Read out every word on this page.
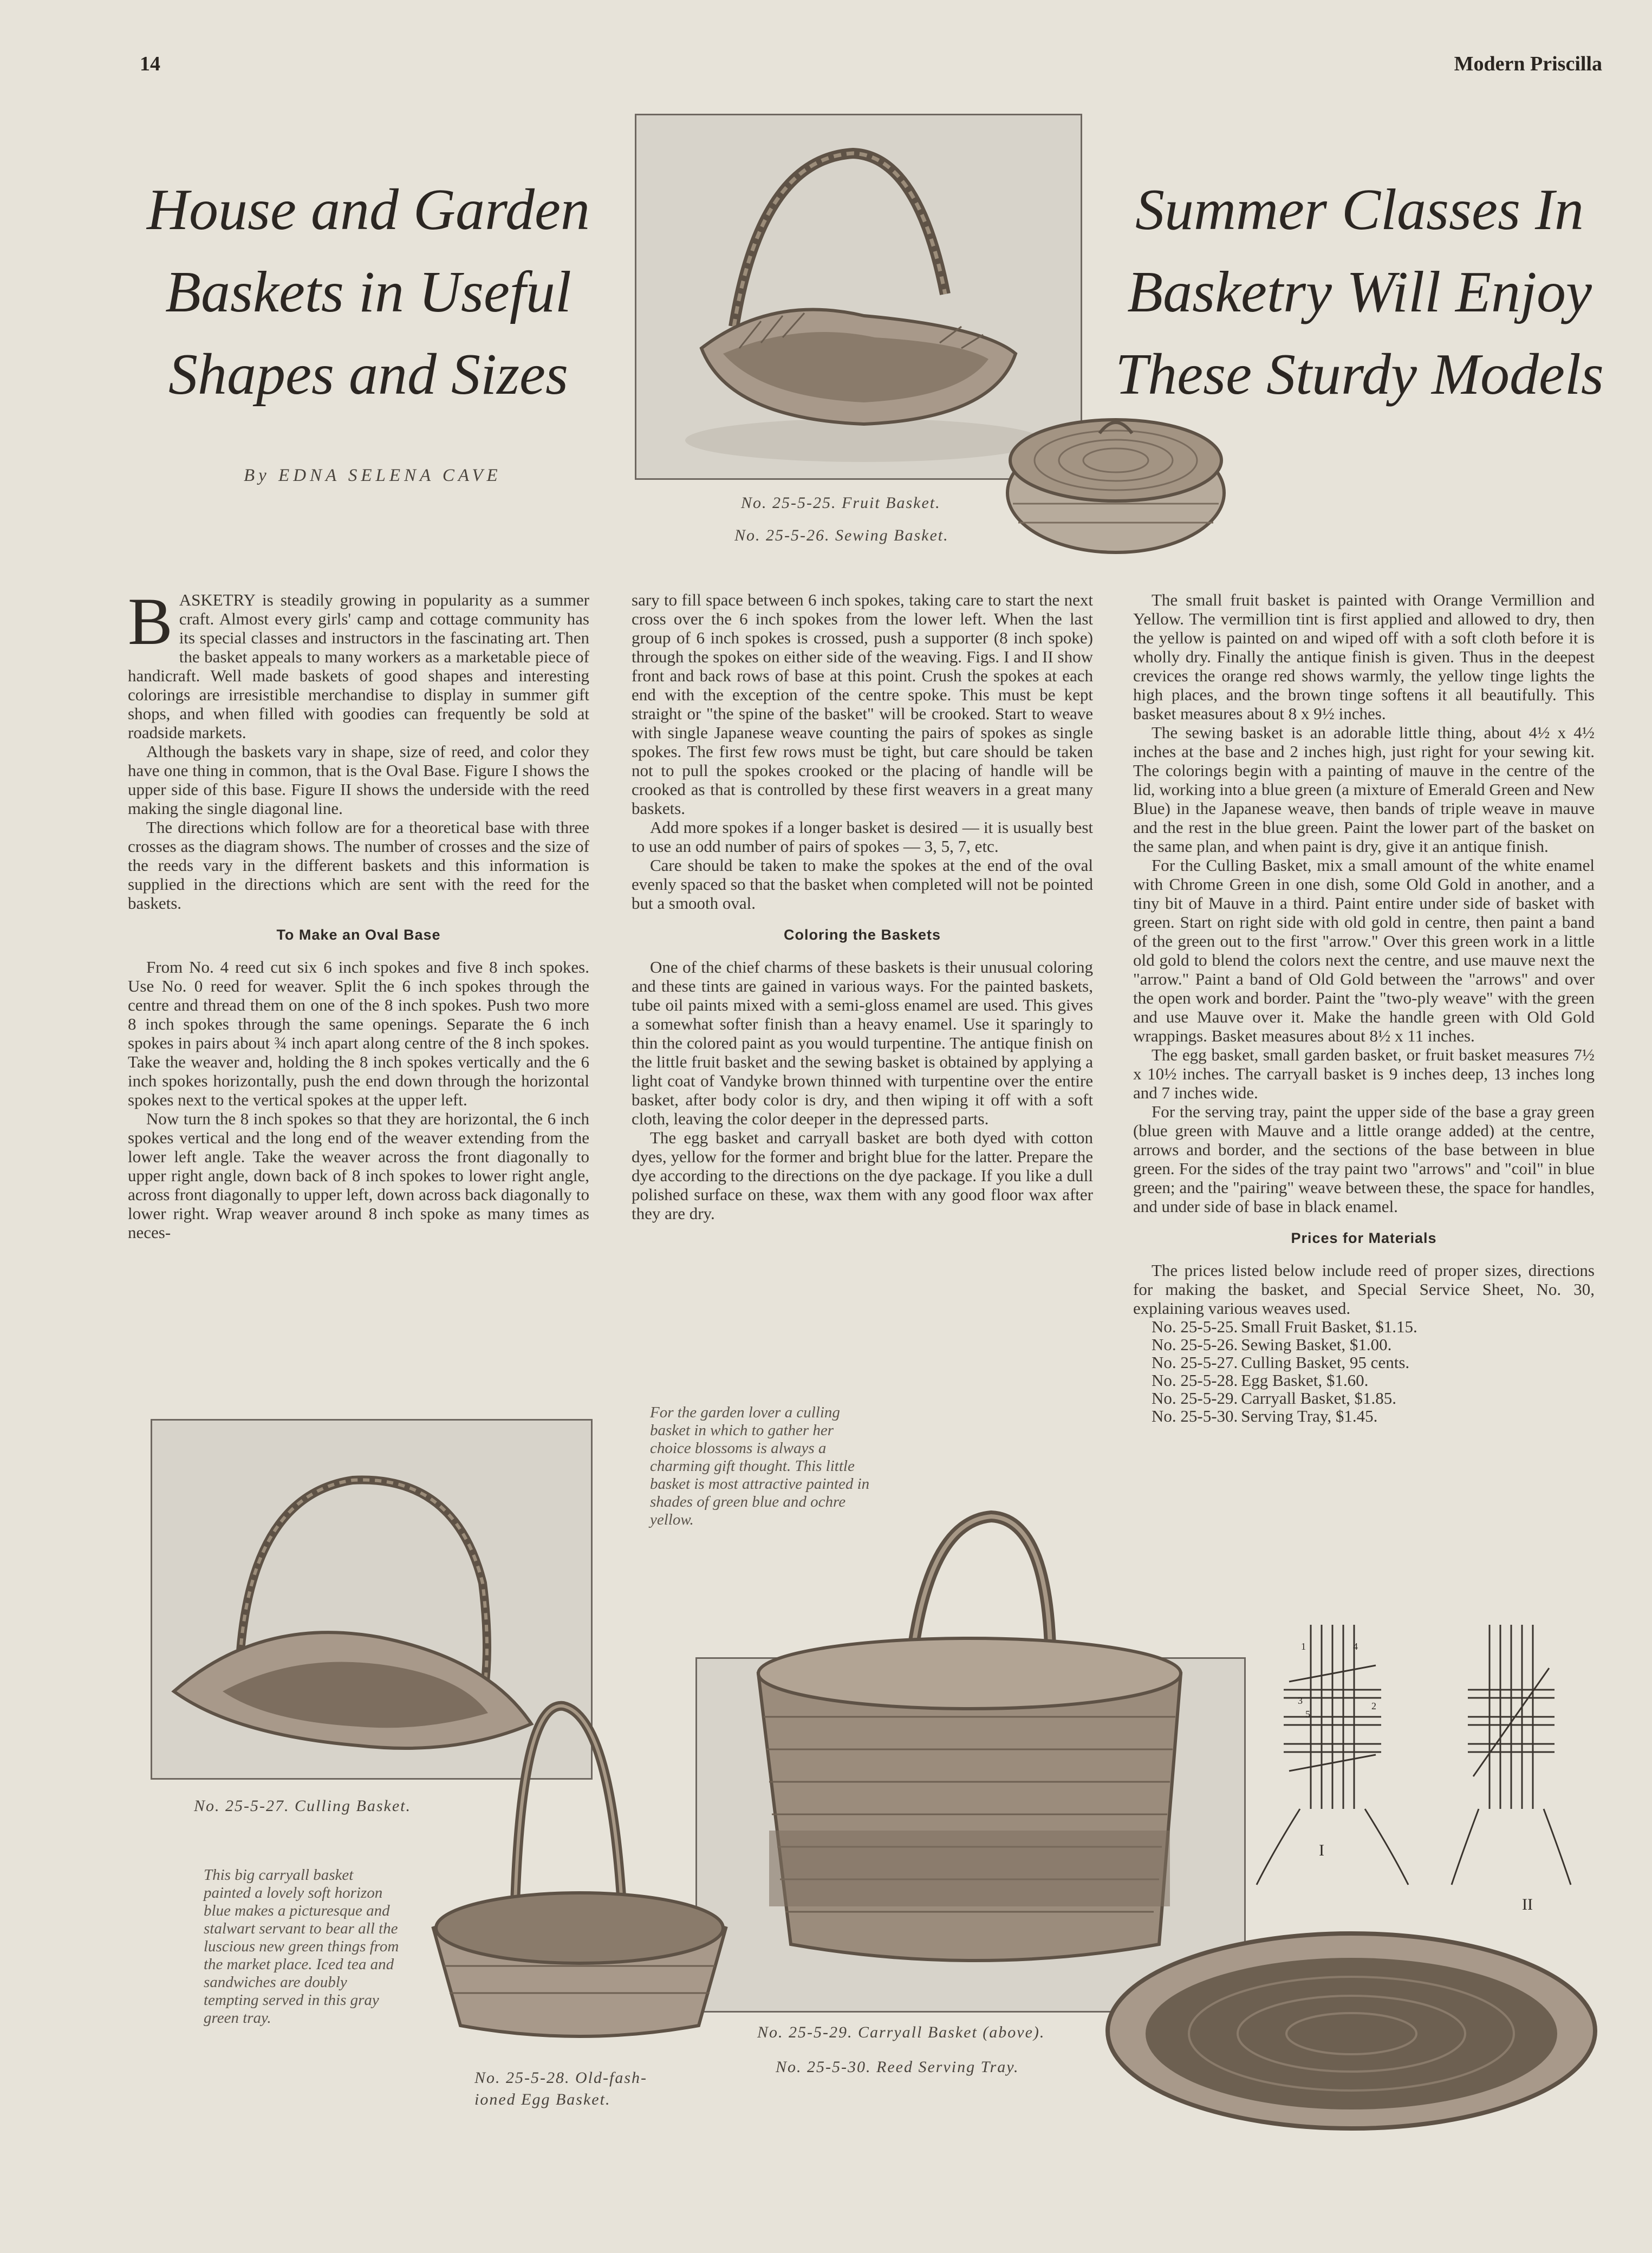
14	Modern Priscilla
House and Garden
Baskets in Useful
Shapes and Sizes
Summer Classes In
Basketry Will Enjoy
These Sturdy Models
By EDNA SELENA CAVE
No. 25-5-25. Fruit Basket.
No. 25-5-26. Sewing Basket.

BASKETRY is steadily growing in popularity as a summer craft. Almost every girls' camp and cottage community has its special classes and instructors in the fascinating art. Then the basket appeals to many workers as a marketable piece of handicraft. Well made baskets of good shapes and interesting colorings are irresistible merchandise to display in summer gift shops, and when filled with goodies can frequently be sold at roadside markets.

Although the baskets vary in shape, size of reed, and color they have one thing in common, that is the Oval Base. Figure I shows the upper side of this base. Figure II shows the underside with the reed making the single diagonal line.

The directions which follow are for a theoretical base with three crosses as the diagram shows. The number of crosses and the size of the reeds vary in the different baskets and this information is supplied in the directions which are sent with the reed for the baskets.

To Make an Oval Base

From No. 4 reed cut six 6 inch spokes and five 8 inch spokes. Use No. 0 reed for weaver. Split the 6 inch spokes through the centre and thread them on one of the 8 inch spokes. Push two more 8 inch spokes through the same openings. Separate the 6 inch spokes in pairs about ¾ inch apart along centre of the 8 inch spokes. Take the weaver and, holding the 8 inch spokes vertically and the 6 inch spokes horizontally, push the end down through the horizontal spokes next to the vertical spokes at the upper left.

Now turn the 8 inch spokes so that they are horizontal, the 6 inch spokes vertical and the long end of the weaver extending from the lower left angle. Take the weaver across the front diagonally to upper right angle, down back of 8 inch spokes to lower right angle, across front diagonally to upper left, down across back diagonally to lower right. Wrap weaver around 8 inch spoke as many times as neces-

sary to fill space between 6 inch spokes, taking care to start the next cross over the 6 inch spokes from the lower left. When the last group of 6 inch spokes is crossed, push a supporter (8 inch spoke) through the spokes on either side of the weaving. Figs. I and II show front and back rows of base at this point. Crush the spokes at each end with the exception of the centre spoke. This must be kept straight or "the spine of the basket" will be crooked. Start to weave with single Japanese weave counting the pairs of spokes as single spokes. The first few rows must be tight, but care should be taken not to pull the spokes crooked or the placing of handle will be crooked as that is controlled by these first weavers in a great many baskets.

Add more spokes if a longer basket is desired — it is usually best to use an odd number of pairs of spokes — 3, 5, 7, etc.

Care should be taken to make the spokes at the end of the oval evenly spaced so that the basket when completed will not be pointed but a smooth oval.

Coloring the Baskets

One of the chief charms of these baskets is their unusual coloring and these tints are gained in various ways. For the painted baskets, tube oil paints mixed with a semi-gloss enamel are used. This gives a somewhat softer finish than a heavy enamel. Use it sparingly to thin the colored paint as you would turpentine. The antique finish on the little fruit basket and the sewing basket is obtained by applying a light coat of Vandyke brown thinned with turpentine over the entire basket, after body color is dry, and then wiping it off with a soft cloth, leaving the color deeper in the depressed parts.

The egg basket and carryall basket are both dyed with cotton dyes, yellow for the former and bright blue for the latter. Prepare the dye according to the directions on the dye package. If you like a dull polished surface on these, wax them with any good floor wax after they are dry.

The small fruit basket is painted with Orange Vermillion and Yellow. The vermillion tint is first applied and allowed to dry, then the yellow is painted on and wiped off with a soft cloth before it is wholly dry. Finally the antique finish is given. Thus in the deepest crevices the orange red shows warmly, the yellow tinge lights the high places, and the brown tinge softens it all beautifully. This basket measures about 8 x 9½ inches.

The sewing basket is an adorable little thing, about 4½ x 4½ inches at the base and 2 inches high, just right for your sewing kit. The colorings begin with a painting of mauve in the centre of the lid, working into a blue green (a mixture of Emerald Green and New Blue) in the Japanese weave, then bands of triple weave in mauve and the rest in the blue green. Paint the lower part of the basket on the same plan, and when paint is dry, give it an antique finish.

For the Culling Basket, mix a small amount of the white enamel with Chrome Green in one dish, some Old Gold in another, and a tiny bit of Mauve in a third. Paint entire under side of basket with green. Start on right side with old gold in centre, then paint a band of the green out to the first "arrow." Over this green work in a little old gold to blend the colors next the centre, and use mauve next the "arrow." Paint a band of Old Gold between the "arrows" and over the open work and border. Paint the "two-ply weave" with the green and use Mauve over it. Make the handle green with Old Gold wrappings. Basket measures about 8½ x 11 inches.

The egg basket, small garden basket, or fruit basket measures 7½ x 10½ inches. The carryall basket is 9 inches deep, 13 inches long and 7 inches wide.

For the serving tray, paint the upper side of the base a gray green (blue green with Mauve and a little orange added) at the centre, arrows and border, and the sections of the base between in blue green. For the sides of the tray paint two "arrows" and "coil" in blue green; and the "pairing" weave between these, the space for handles, and under side of base in black enamel.

Prices for Materials

The prices listed below include reed of proper sizes, directions for making the basket, and Special Service Sheet, No. 30, explaining various weaves used.

No. 25-5-25.	Small Fruit Basket, $1.15.
No. 25-5-26.	Sewing Basket, $1.00.
No. 25-5-27.	Culling Basket, 95 cents.
No. 25-5-28.	Egg Basket, $1.60.
No. 25-5-29.	Carryall Basket, $1.85.
No. 25-5-30.	Serving Tray, $1.45.
No. 25-5-27. Culling Basket.
For the garden lover a culling basket in which to gather her choice blossoms is always a charming gift thought. This little basket is most attractive painted in shades of green blue and ochre yellow.
This big carryall basket painted a lovely soft horizon blue makes a picturesque and stalwart servant to bear all the luscious new green things from the market place. Iced tea and sandwiches are doubly tempting served in this gray green tray.
No. 25-5-28. Old-fash-
ioned Egg Basket.
No. 25-5-29. Carryall Basket (above).
No. 25-5-30. Reed Serving Tray.
I
II
1
2
3
4
5
